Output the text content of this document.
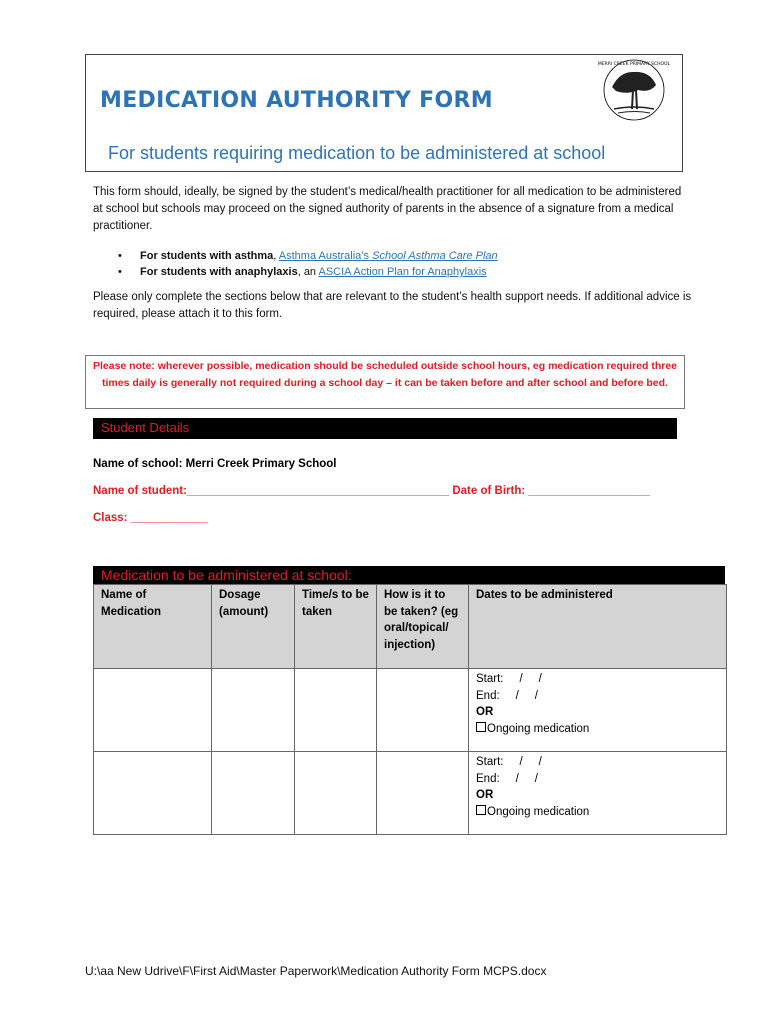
MEDICATION AUTHORITY FORM
For students requiring medication to be administered at school
MERRI CREEK PRIMARY SCHOOL
This form should, ideally, be signed by the student’s medical/health practitioner for all medication to be administered at school but schools may proceed on the signed authority of parents in the absence of a signature from a medical practitioner.
• For students with asthma, Asthma Australia’s School Asthma Care Plan
• For students with anaphylaxis, an ASCIA Action Plan for Anaphylaxis
Please only complete the sections below that are relevant to the student’s health support needs. If additional advice is required, please attach it to this form.
Please note: wherever possible, medication should be scheduled outside school hours, eg medication required three times daily is generally not required during a school day – it can be taken before and after school and before bed.
Student Details
Name of school: Merri Creek Primary School
Name of student:_________________________________________ Date of Birth: ___________________
Class: ____________
Medication to be administered at school:
Name of Medication	Dosage (amount)	Time/s to be taken	How is it to be taken? (eg oral/topical/ injection)	Dates to be administered

				Start:     /     /
End:     /     /
OR
Ongoing medication

				Start:     /     /
End:     /     /
OR
Ongoing medication
U:\aa New Udrive\F\First Aid\Master Paperwork\Medication Authority Form MCPS.docx
